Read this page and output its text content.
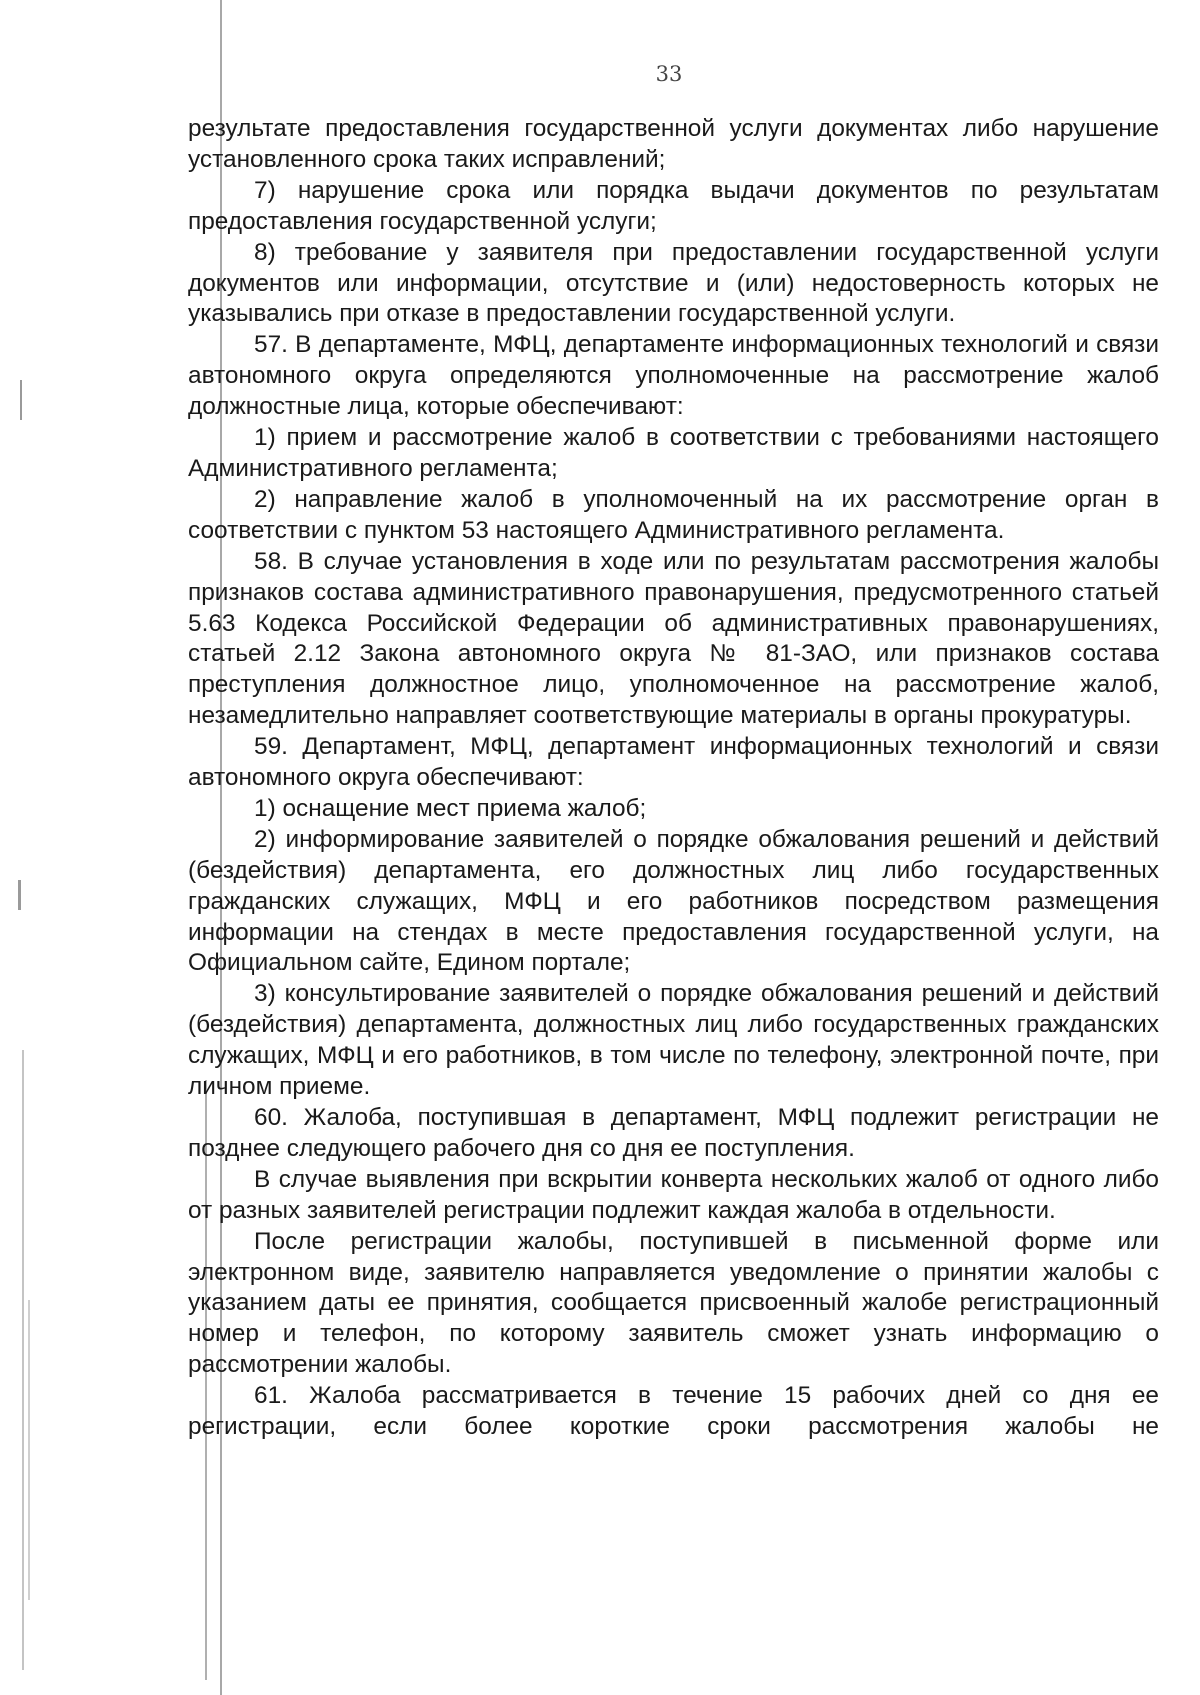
33

результате предоставления государственной услуги документах либо нарушение установленного срока таких исправлений;

7) нарушение срока или порядка выдачи документов по результатам предоставления государственной услуги;

8) требование у заявителя при предоставлении государственной услуги документов или информации, отсутствие и (или) недостоверность которых не указывались при отказе в предоставлении государственной услуги.

57. В департаменте, МФЦ, департаменте информационных технологий и связи автономного округа определяются уполномоченные на рассмотрение жалоб должностные лица, которые обеспечивают:

1) прием и рассмотрение жалоб в соответствии с требованиями настоящего Административного регламента;

2) направление жалоб в уполномоченный на их рассмотрение орган в соответствии с пунктом 53 настоящего Административного регламента.

58. В случае установления в ходе или по результатам рассмотрения жалобы признаков состава административного правонарушения, предусмотренного статьей 5.63 Кодекса Российской Федерации об административных правонарушениях, статьей 2.12 Закона автономного округа № 81-ЗАО, или признаков состава преступления должностное лицо, уполномоченное на рассмотрение жалоб, незамедлительно направляет соответствующие материалы в органы прокуратуры.

59. Департамент, МФЦ, департамент информационных технологий и связи автономного округа обеспечивают:

1) оснащение мест приема жалоб;

2) информирование заявителей о порядке обжалования решений и действий (бездействия) департамента, его должностных лиц либо государственных гражданских служащих, МФЦ и его работников посредством размещения информации на стендах в месте предоставления государственной услуги, на Официальном сайте, Едином портале;

3) консультирование заявителей о порядке обжалования решений и действий (бездействия) департамента, должностных лиц либо государственных гражданских служащих, МФЦ и его работников, в том числе по телефону, электронной почте, при личном приеме.

60. Жалоба, поступившая в департамент, МФЦ подлежит регистрации не позднее следующего рабочего дня со дня ее поступления.

В случае выявления при вскрытии конверта нескольких жалоб от одного либо от разных заявителей регистрации подлежит каждая жалоба в отдельности.

После регистрации жалобы, поступившей в письменной форме или электронном виде, заявителю направляется уведомление о принятии жалобы с указанием даты ее принятия, сообщается присвоенный жалобе регистрационный номер и телефон, по которому заявитель сможет узнать информацию о рассмотрении жалобы.

61. Жалоба рассматривается в течение 15 рабочих дней со дня ее регистрации, если более короткие сроки рассмотрения жалобы не
